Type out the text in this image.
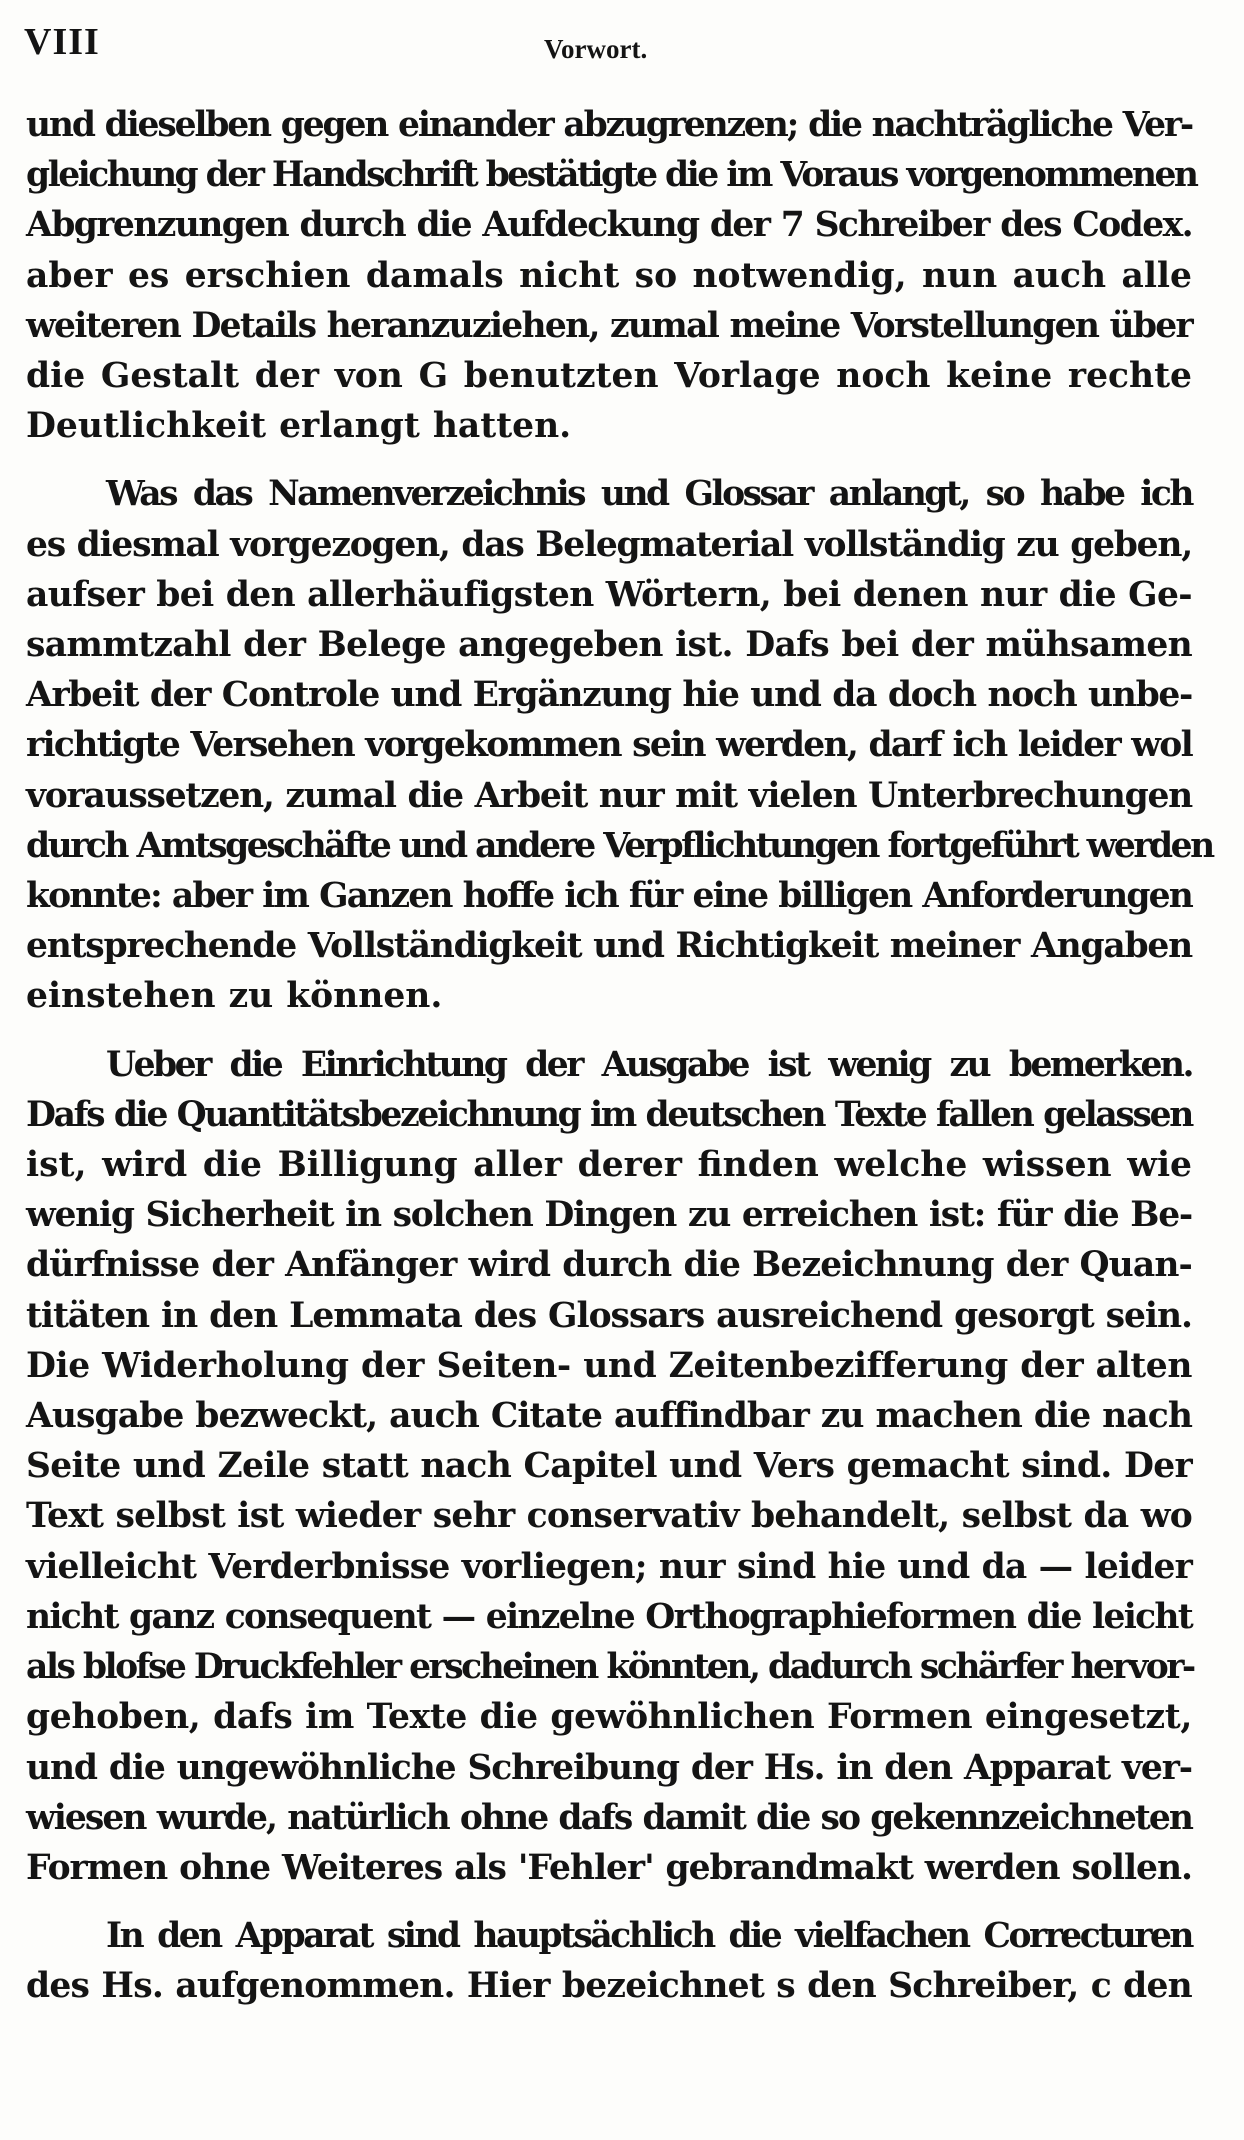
VIII	Vorwort.

und dieselben gegen einander abzugrenzen; die nachträgliche Ver-
gleichung der Handschrift bestätigte die im Voraus vorgenommenen
Abgrenzungen durch die Aufdeckung der 7 Schreiber des Codex.
aber es erschien damals nicht so notwendig, nun auch alle
weiteren Details heranzuziehen, zumal meine Vorstellungen über
die Gestalt der von G benutzten Vorlage noch keine rechte
Deutlichkeit erlangt hatten.

Was das Namenverzeichnis und Glossar anlangt, so habe ich
es diesmal vorgezogen, das Belegmaterial vollständig zu geben,
aufser bei den allerhäufigsten Wörtern, bei denen nur die Ge-
sammtzahl der Belege angegeben ist. Dafs bei der mühsamen
Arbeit der Controle und Ergänzung hie und da doch noch unbe-
richtigte Versehen vorgekommen sein werden, darf ich leider wol
voraussetzen, zumal die Arbeit nur mit vielen Unterbrechungen
durch Amtsgeschäfte und andere Verpflichtungen fortgeführt werden
konnte: aber im Ganzen hoffe ich für eine billigen Anforderungen
entsprechende Vollständigkeit und Richtigkeit meiner Angaben
einstehen zu können.

Ueber die Einrichtung der Ausgabe ist wenig zu bemerken.
Dafs die Quantitätsbezeichnung im deutschen Texte fallen gelassen
ist, wird die Billigung aller derer finden welche wissen wie
wenig Sicherheit in solchen Dingen zu erreichen ist: für die Be-
dürfnisse der Anfänger wird durch die Bezeichnung der Quan-
titäten in den Lemmata des Glossars ausreichend gesorgt sein.
Die Widerholung der Seiten- und Zeitenbezifferung der alten
Ausgabe bezweckt, auch Citate auffindbar zu machen die nach
Seite und Zeile statt nach Capitel und Vers gemacht sind. Der
Text selbst ist wieder sehr conservativ behandelt, selbst da wo
vielleicht Verderbnisse vorliegen; nur sind hie und da — leider
nicht ganz consequent — einzelne Orthographieformen die leicht
als blofse Druckfehler erscheinen könnten, dadurch schärfer hervor-
gehoben, dafs im Texte die gewöhnlichen Formen eingesetzt,
und die ungewöhnliche Schreibung der Hs. in den Apparat ver-
wiesen wurde, natürlich ohne dafs damit die so gekennzeichneten
Formen ohne Weiteres als 'Fehler' gebrandmakt werden sollen.

In den Apparat sind hauptsächlich die vielfachen Correcturen
des Hs. aufgenommen. Hier bezeichnet s den Schreiber, c den
